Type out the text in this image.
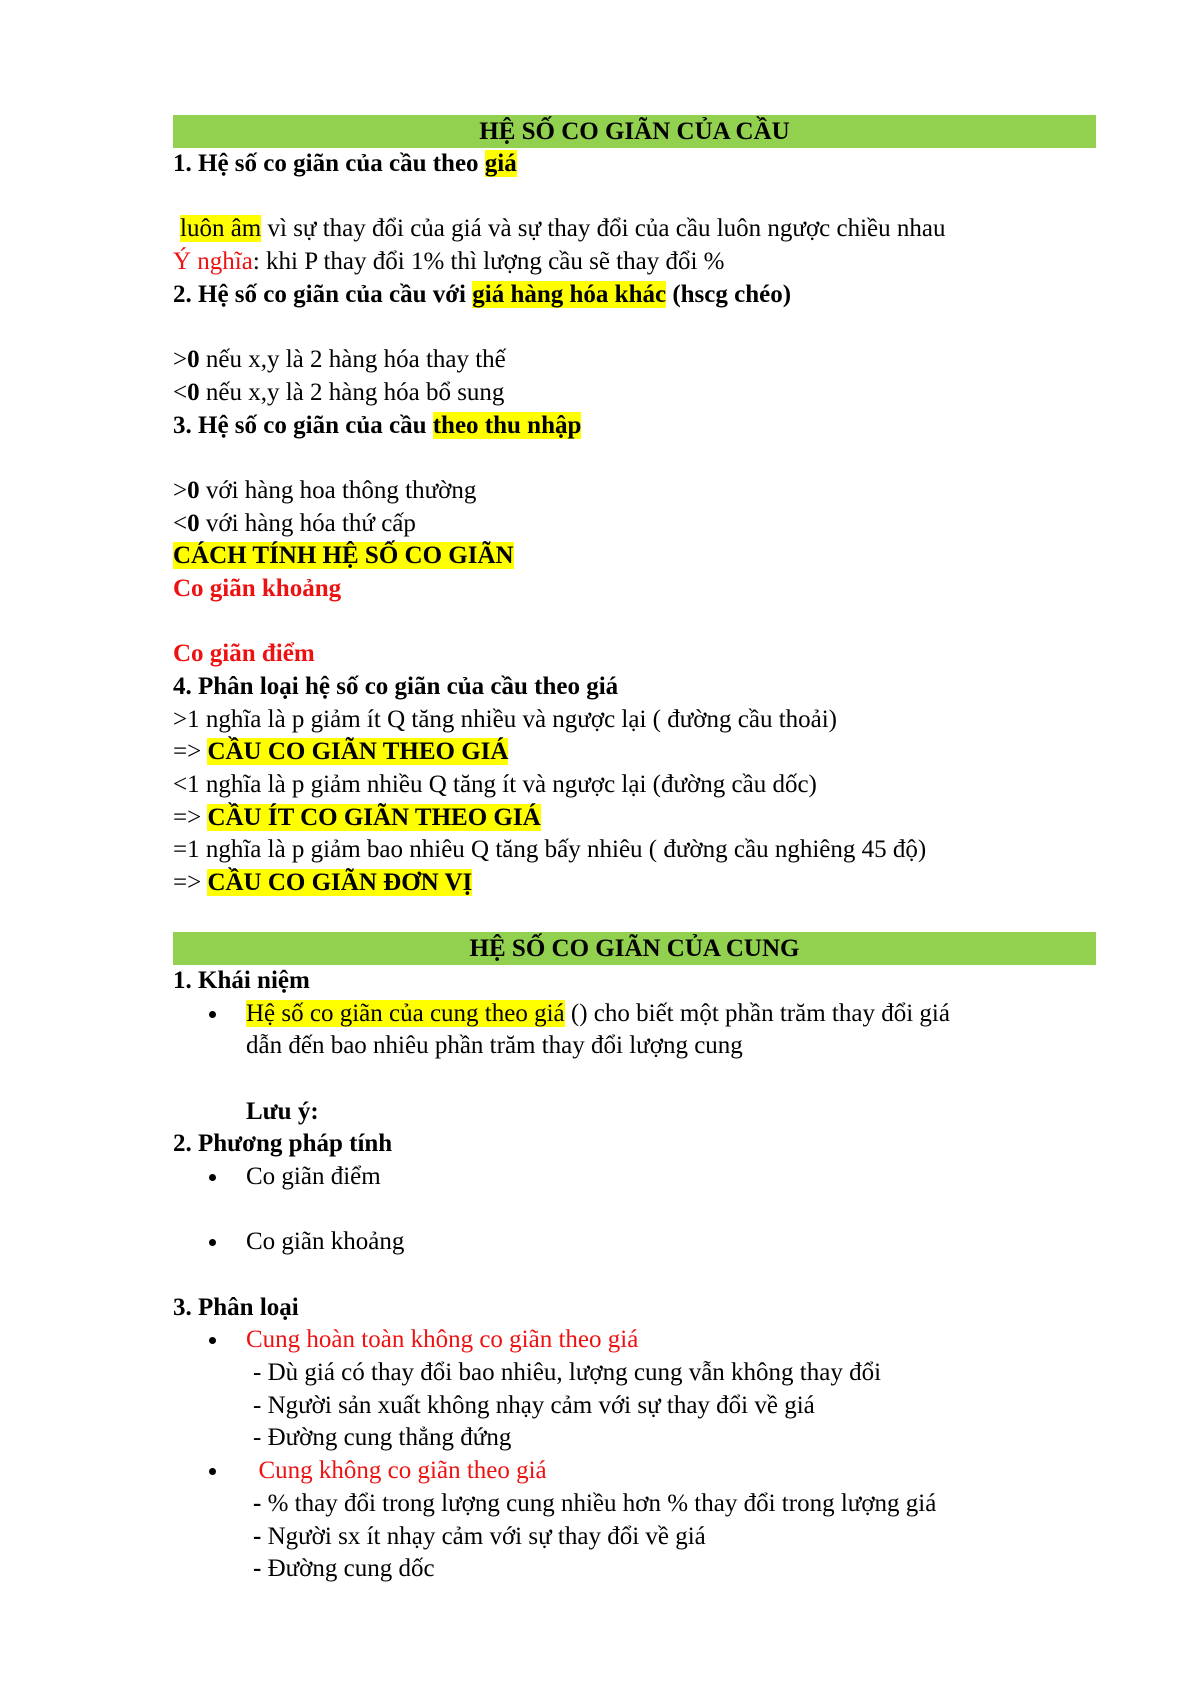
HỆ SỐ CO GIÃN CỦA CẦU
1. Hệ số co giãn của cầu theo giá
luôn âm vì sự thay đổi của giá và sự thay đổi của cầu luôn ngược chiều nhau
Ý nghĩa: khi P thay đổi 1% thì lượng cầu sẽ thay đổi %
2. Hệ số co giãn của cầu với giá hàng hóa khác (hscg chéo)
>0 nếu x,y là 2 hàng hóa thay thế
<0 nếu x,y là 2 hàng hóa bổ sung
3. Hệ số co giãn của cầu theo thu nhập
>0 với hàng hoa thông thường
<0 với hàng hóa thứ cấp
CÁCH TÍNH HỆ SỐ CO GIÃN
Co giãn khoảng
Co giãn điểm
4. Phân loại hệ số co giãn của cầu theo giá
>1 nghĩa là p giảm ít Q tăng nhiều và ngược lại ( đường cầu thoải)
=> CẦU CO GIÃN THEO GIÁ
<1 nghĩa là p giảm nhiều Q tăng ít và ngược lại (đường cầu dốc)
=> CẦU ÍT CO GIÃN THEO GIÁ
=1 nghĩa là p giảm bao nhiêu Q tăng bấy nhiêu ( đường cầu nghiêng 45 độ)
=> CẦU CO GIÃN ĐƠN VỊ
HỆ SỐ CO GIÃN CỦA CUNG
1. Khái niệm
Hệ số co giãn của cung theo giá () cho biết một phần trăm thay đổi giá
dẫn đến bao nhiêu phần trăm thay đổi lượng cung
Lưu ý:
2. Phương pháp tính
Co giãn điểm
Co giãn khoảng
3. Phân loại
Cung hoàn toàn không co giãn theo giá
- Dù giá có thay đổi bao nhiêu, lượng cung vẫn không thay đổi
- Người sản xuất không nhạy cảm với sự thay đổi về giá
- Đường cung thẳng đứng
Cung không co giãn theo giá
- % thay đổi trong lượng cung nhiều hơn % thay đổi trong lượng giá
- Người sx ít nhạy cảm với sự thay đổi về giá
- Đường cung dốc
